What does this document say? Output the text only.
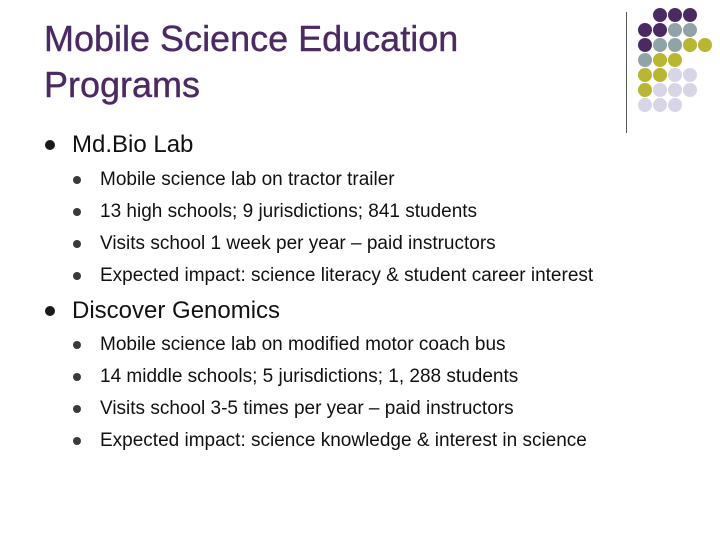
Mobile Science Education
Programs
Md.Bio Lab
Mobile science lab on tractor trailer
13 high schools; 9 jurisdictions; 841 students
Visits school 1 week per year – paid instructors
Expected impact: science literacy & student career interest
Discover Genomics
Mobile science lab on modified motor coach bus
14 middle schools; 5 jurisdictions; 1, 288 students
Visits school 3-5 times per year – paid instructors
Expected impact: science knowledge & interest in science
